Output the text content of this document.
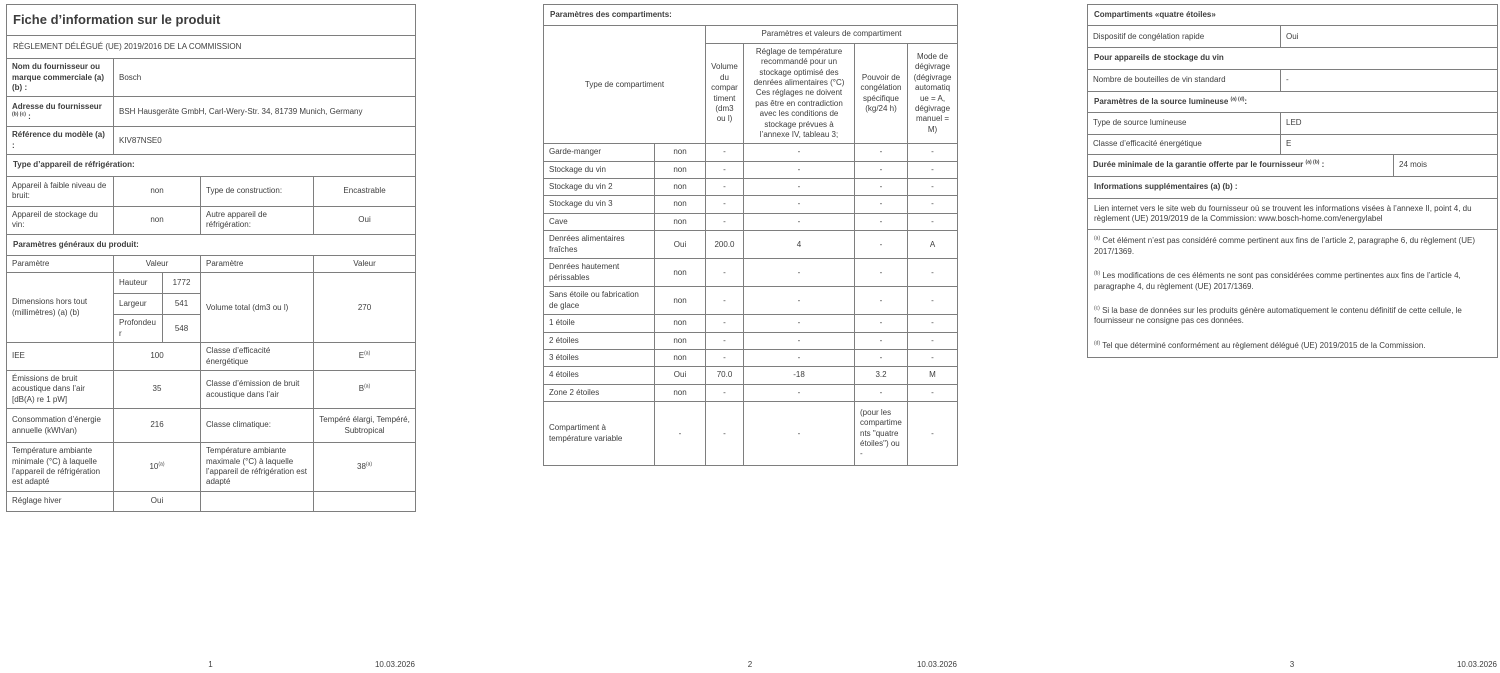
Fiche d’information sur le produit				
RÈGLEMENT DÉLÉGUÉ (UE) 2019/2016 DE LA COMMISSION				
Nom du fournisseur ou marque commerciale (a) (b) :	Bosch			
Adresse du fournisseur $^{(b) (c)}$ :	BSH Hausgeräte GmbH, Carl-Wery-Str. 34, 81739 Munich, Germany			
Référence du modèle (a) :	KIV87NSE0			
Type d’appareil de réfrigération:				
Appareil à faible niveau de bruit:	non		Type de construction:	Encastrable
Appareil de stockage du vin:	non		Autre appareil de réfrigération:	Oui
Paramètres généraux du produit:				
Paramètre	Valeur		Paramètre	Valeur
Dimensions hors tout (millimètres) (a) (b)	Hauteur	1772	Volume total (dm3 ou l)	270
	Largeur	541		
	Profondeur	548		
IEE	100		Classe d’efficacité énergétique	$E^{(a)}$
Émissions de bruit acoustique dans l’air [dB(A) re 1 pW]	35		Classe d’émission de bruit acoustique dans l’air	$B^{(a)}$
Consommation d’énergie annuelle (kWh/an)	216		Classe climatique:	Tempéré élargi, Tempéré, Subtropical
Température ambiante minimale (°C) à laquelle l’appareil de réfrigération est adapté	10$^{(a)}$		Température ambiante maximale (°C) à laquelle l’appareil de réfrigération est adapté	38$^{(a)}$
Réglage hiver	Oui			
Paramètres des compartiments:					
Type de compartiment		Paramètres et valeurs de compartiment			
		Volume du compartiment (dm3 ou l)	Réglage de température recommandé pour un stockage optimisé des denrées alimentaires (°C) Ces réglages ne doivent pas être en contradiction avec les conditions de stockage prévues à l’annexe IV, tableau 3;	Pouvoir de congélation spécifique (kg/24 h)	Mode de dégivrage (dégivrage automatique = A, dégivrage manuel = M)
Garde-manger	non	-	-	-	-
Stockage du vin	non	-	-	-	-
Stockage du vin 2	non	-	-	-	-
Stockage du vin 3	non	-	-	-	-
Cave	non	-	-	-	-
Denrées alimentaires fraîches	Oui	200.0	4	-	A
Denrées hautement périssables	non	-	-	-	-
Sans étoile ou fabrication de glace	non	-	-	-	-
1 étoile	non	-	-	-	-
2 étoiles	non	-	-	-	-
3 étoiles	non	-	-	-	-
4 étoiles	Oui	70.0	-18	3.2	M
Zone 2 étoiles	non	-	-	-	-
Compartiment à température variable	-	-	-	(pour les compartiments "quatre étoiles") ou -	-
Compartiments «quatre étoiles»		
Dispositif de congélation rapide	Oui	
Pour appareils de stockage du vin		
Nombre de bouteilles de vin standard	-	
Paramètres de la source lumineuse $^{(a) (d)}$:		
Type de source lumineuse	LED	
Classe d’efficacité énergétique	E	
Durée minimale de la garantie offerte par le fournisseur $^{(a) (b)}$ :		24 mois
Informations supplémentaires (a) (b) :		
Lien internet vers le site web du fournisseur où se trouvent les informations visées à l’annexe II, point 4, du règlement (UE) 2019/2019 de la Commission: www.bosch-home.com/energylabel		

$^{(a)}$ Cet élément n’est pas considéré comme pertinent aux fins de l’article 2, paragraphe 6, du règlement (UE) 2017/1369.

$^{(b)}$ Les modifications de ces éléments ne sont pas considérées comme pertinentes aux fins de l’article 4, paragraphe 4, du règlement (UE) 2017/1369.

$^{(c)}$ Si la base de données sur les produits génère automatiquement le contenu définitif de cette cellule, le fournisseur ne consigne pas ces données.

$^{(d)}$ Tel que déterminé conformément au règlement délégué (UE) 2019/2015 de la Commission.		

1	10.03.2026	2	10.03.2026	3	10.03.2026
